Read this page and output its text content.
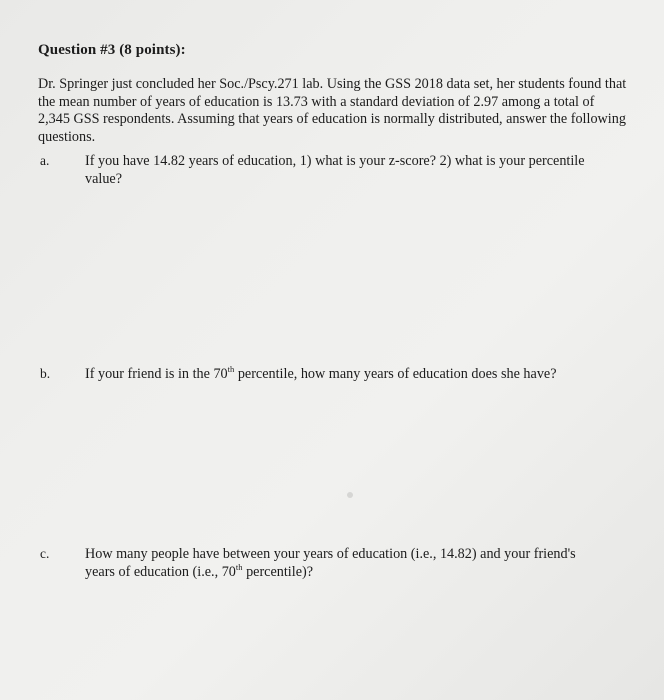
Question #3 (8 points):
Dr. Springer just concluded her Soc./Pscy.271 lab. Using the GSS 2018 data set, her students found that the mean number of years of education is 13.73 with a standard deviation of 2.97 among a total of 2,345 GSS respondents. Assuming that years of education is normally distributed, answer the following questions.
a.	If you have 14.82 years of education, 1) what is your z-score? 2) what is your percentile value?
b. If your friend is in the 70th percentile, how many years of education does she have?
c.	How many people have between your years of education (i.e., 14.82) and your friend's years of education (i.e., 70th percentile)?
